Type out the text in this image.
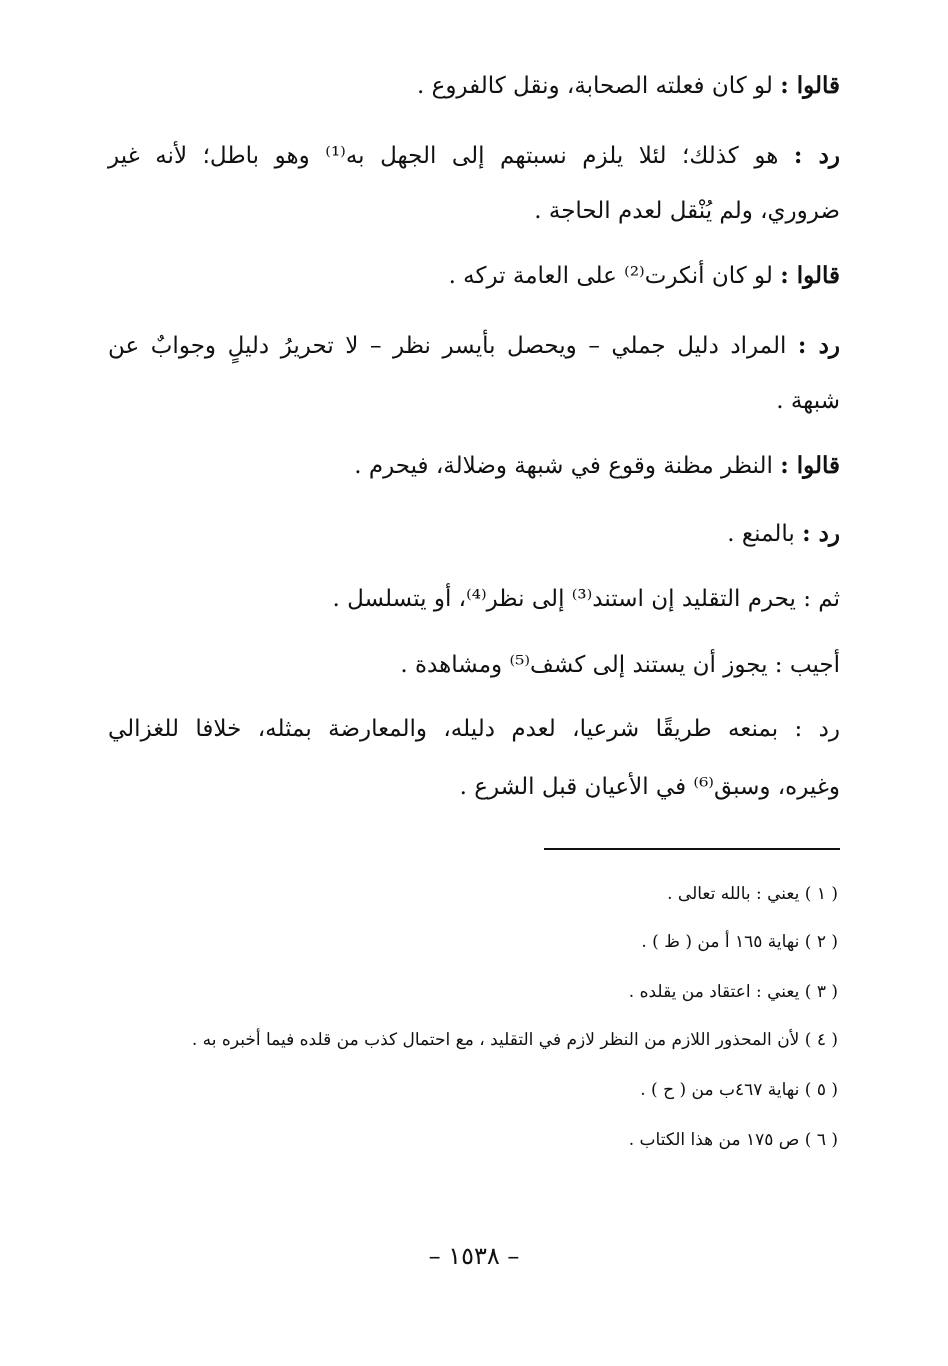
قالوا : لو كان فعلته الصحابة، ونقل كالفروع .
رد : هو كذلك؛ لئلا يلزم نسبتهم إلى الجهل به⁽¹⁾ وهو باطل؛ لأنه غير
ضروري، ولم يُنْقل لعدم الحاجة .
قالوا : لو كان أنكرت⁽²⁾ على العامة تركه .
رد : المراد دليل جملي – ويحصل بأيسر نظر – لا تحريرُ دليلٍ وجوابٌ عن
شبهة .
قالوا : النظر مظنة وقوع في شبهة وضلالة، فيحرم .
رد : بالمنع .
ثم : يحرم التقليد إن استند⁽³⁾ إلى نظر⁽⁴⁾، أو يتسلسل .
أجيب : يجوز أن يستند إلى كشف⁽⁵⁾ ومشاهدة .
رد : بمنعه طريقًا شرعيا، لعدم دليله، والمعارضة بمثله، خلافا للغزالي
وغيره، وسبق⁽⁶⁾ في الأعيان قبل الشرع .
( ١ ) يعني : بالله تعالى .
( ٢ ) نهاية ١٦٥ أ من ( ظ ) .
( ٣ ) يعني : اعتقاد من يقلده .
( ٤ ) لأن المحذور اللازم من النظر لازم في التقليد ، مع احتمال كذب من قلده فيما أخبره به .
( ٥ ) نهاية ٤٦٧ب من ( ح ) .
( ٦ ) ص ١٧٥ من هذا الكتاب .
– ١٥٣٨ –
